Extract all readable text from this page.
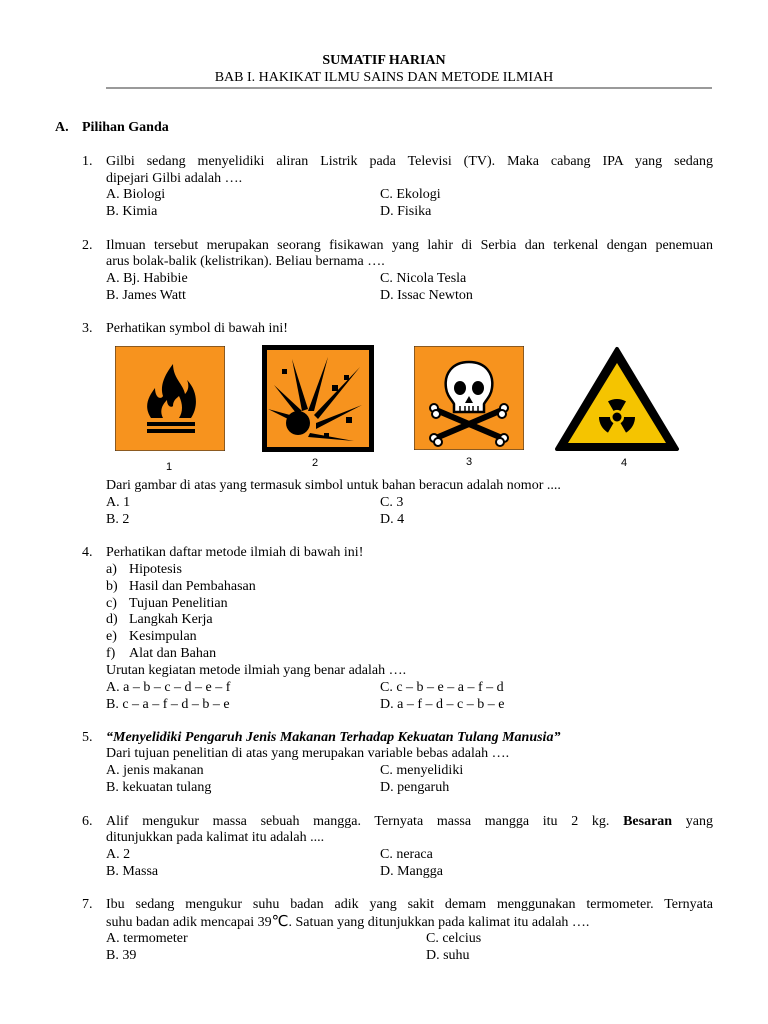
SUMATIF HARIAN
BAB I. HAKIKAT ILMU SAINS DAN METODE ILMIAH
A. Pilihan Ganda
1. Gilbi sedang menyelidiki aliran Listrik pada Televisi (TV). Maka cabang IPA yang sedang
dipejari Gilbi adalah ….
A. Biologi
B. Kimia
C. Ekologi
D. Fisika
2. Ilmuan tersebut merupakan seorang fisikawan yang lahir di Serbia dan terkenal dengan penemuan
arus bolak-balik (kelistrikan). Beliau bernama ….
A. Bj. Habibie
B. James Watt
C. Nicola Tesla
D. Issac Newton
3. Perhatikan symbol di bawah ini!
1	2	3	4
Dari gambar di atas yang termasuk simbol untuk bahan beracun adalah nomor ....
A. 1
B. 2
C. 3
D. 4
4. Perhatikan daftar metode ilmiah di bawah ini!
a) Hipotesis
b) Hasil dan Pembahasan
c) Tujuan Penelitian
d) Langkah Kerja
e) Kesimpulan
f) Alat dan Bahan
Urutan kegiatan metode ilmiah yang benar adalah ….
A. a – b – c – d – e – f
B. c – a – f – d – b – e
C. c – b – e – a – f – d
D. a – f – d – c – b – e
5. “Menyelidiki Pengaruh Jenis Makanan Terhadap Kekuatan Tulang Manusia”
Dari tujuan penelitian di atas yang merupakan variable bebas adalah ….
A. jenis makanan
B. kekuatan tulang
C. menyelidiki
D. pengaruh
6. Alif mengukur massa sebuah mangga. Ternyata massa mangga itu 2 kg. Besaran yang
ditunjukkan pada kalimat itu adalah ....
A. 2
B. Massa
C. neraca
D. Mangga
7. Ibu sedang mengukur suhu badan adik yang sakit demam menggunakan termometer. Ternyata
suhu badan adik mencapai 39℃. Satuan yang ditunjukkan pada kalimat itu adalah ….
A. termometer
B. 39
C. celcius
D. suhu
